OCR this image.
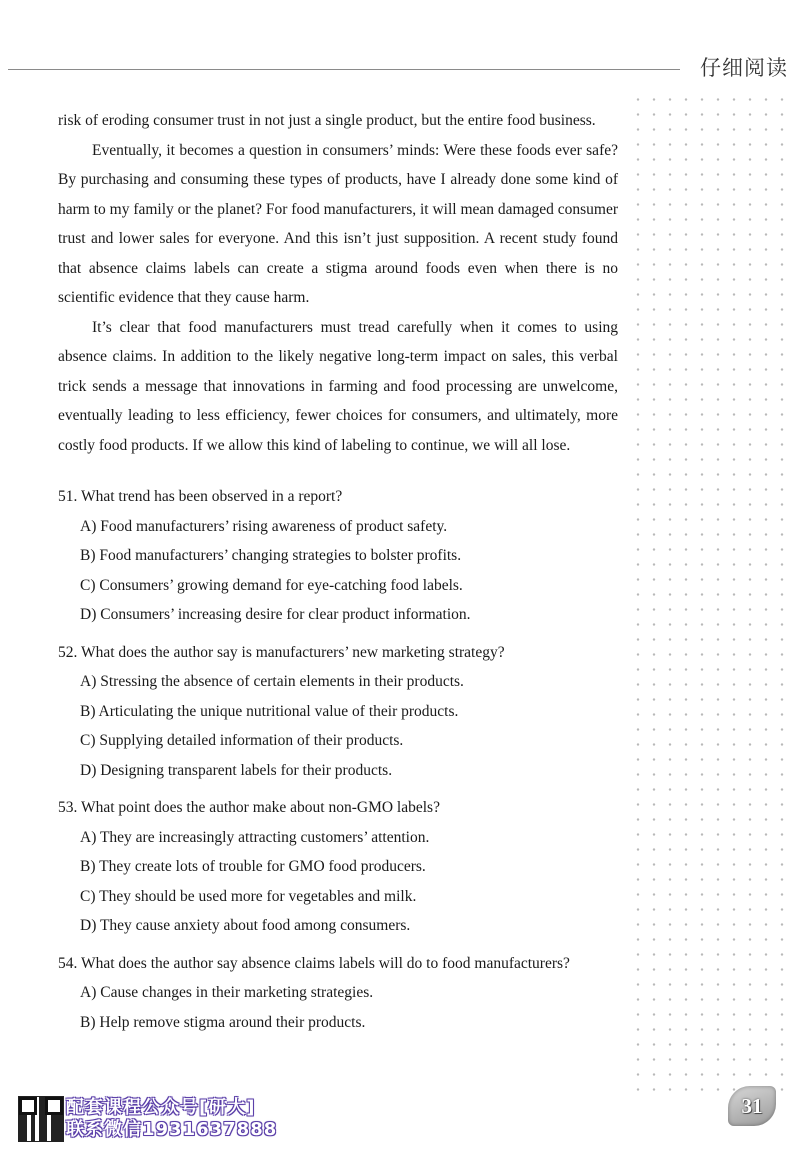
仔细阅读

risk of eroding consumer trust in not just a single product, but the entire food business.

Eventually, it becomes a question in consumers’ minds: Were these foods ever safe? By purchasing and consuming these types of products, have I already done some kind of harm to my family or the planet? For food manufacturers, it will mean damaged consumer trust and lower sales for everyone. And this isn’t just supposition. A recent study found that absence claims labels can create a stigma around foods even when there is no scientific evidence that they cause harm.

It’s clear that food manufacturers must tread carefully when it comes to using absence claims. In addition to the likely negative long-term impact on sales, this verbal trick sends a message that innovations in farming and food processing are unwelcome, eventually leading to less efficiency, fewer choices for consumers, and ultimately, more costly food products. If we allow this kind of labeling to continue, we will all lose.

51. What trend has been observed in a report?

A) Food manufacturers’ rising awareness of product safety.

B) Food manufacturers’ changing strategies to bolster profits.

C) Consumers’ growing demand for eye-catching food labels.

D) Consumers’ increasing desire for clear product information.

52. What does the author say is manufacturers’ new marketing strategy?

A) Stressing the absence of certain elements in their products.

B) Articulating the unique nutritional value of their products.

C) Supplying detailed information of their products.

D) Designing transparent labels for their products.

53. What point does the author make about non-GMO labels?

A) They are increasingly attracting customers’ attention.

B) They create lots of trouble for GMO food producers.

C) They should be used more for vegetables and milk.

D) They cause anxiety about food among consumers.

54. What does the author say absence claims labels will do to food manufacturers?

A) Cause changes in their marketing strategies.

B) Help remove stigma around their products.

配套课程公众号[研大]
联系微信1931637888
31
